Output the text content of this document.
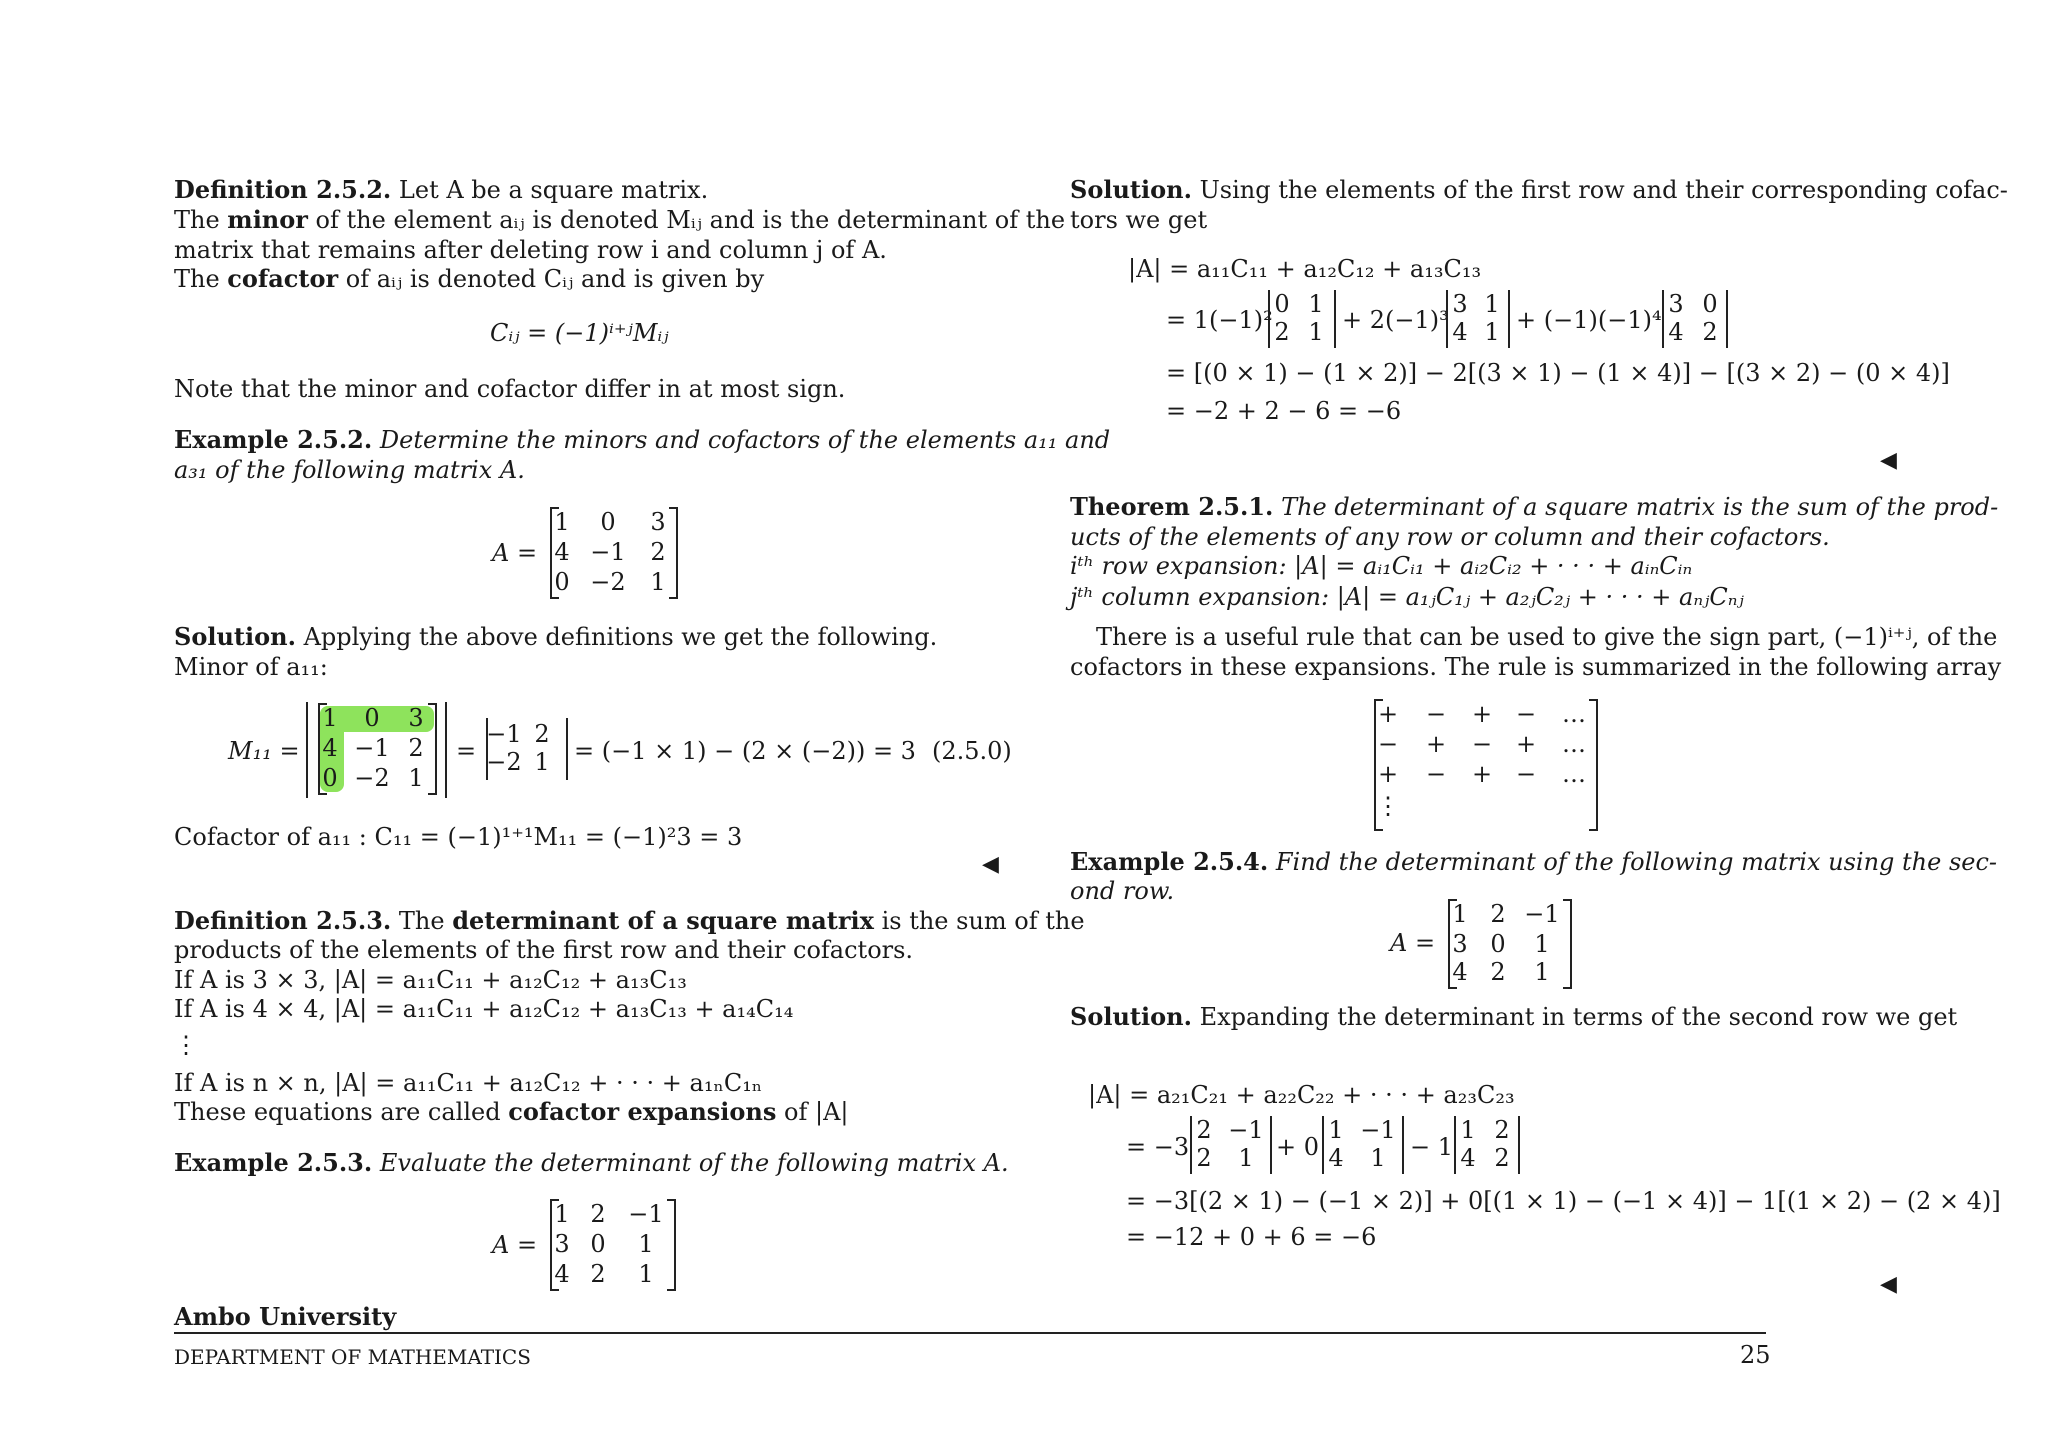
Definition 2.5.2. Let A be a square matrix.
The minor of the element aᵢⱼ is denoted Mᵢⱼ and is the determinant of the
matrix that remains after deleting row i and column j of A.
The cofactor of aᵢⱼ is denoted Cᵢⱼ and is given by
Cᵢⱼ = (−1)ⁱ⁺ʲMᵢⱼ
Note that the minor and cofactor differ in at most sign.
Example 2.5.2. Determine the minors and cofactors of the elements a₁₁ and
a₃₁ of the following matrix A.
A =
1	0	3
4 −1	2
0 −2	1
Solution. Applying the above definitions we get the following.
Minor of a₁₁:
M₁₁ =
1	0	3
4 −1 2
0 −2 1
=
−1 2
−2 1	= (−1 × 1) − (2 × (−2)) = 3 (2.5.0)
Cofactor of a₁₁ : C₁₁ = (−1)¹⁺¹M₁₁ = (−1)²3 = 3
◀
Definition 2.5.3. The determinant of a square matrix is the sum of the
products of the elements of the first row and their cofactors.
If A is 3 × 3, |A| = a₁₁C₁₁ + a₁₂C₁₂ + a₁₃C₁₃
If A is 4 × 4, |A| = a₁₁C₁₁ + a₁₂C₁₂ + a₁₃C₁₃ + a₁₄C₁₄
⋮
If A is n × n, |A| = a₁₁C₁₁ + a₁₂C₁₂ + · · · + a₁ₙC₁ₙ
These equations are called cofactor expansions of |A|
Example 2.5.3. Evaluate the determinant of the following matrix A.
A =
1 2 −1
3 0	1
4 2	1
Solution. Using the elements of the first row and their corresponding cofac-
tors we get
|A| = a₁₁C₁₁ + a₁₂C₁₂ + a₁₃C₁₃
= 1(−1)²
0 1
2 1 + 2(−1)³
3 1
4 1 + (−1)(−1)⁴
3 0
4 2
= [(0 × 1) − (1 × 2)] − 2[(3 × 1) − (1 × 4)] − [(3 × 2) − (0 × 4)]
= −2 + 2 − 6 = −6
◀
Theorem 2.5.1. The determinant of a square matrix is the sum of the prod-
ucts of the elements of any row or column and their cofactors.
iᵗʰ row expansion: |A| = aᵢ₁Cᵢ₁ + aᵢ₂Cᵢ₂ + · · · + aᵢₙCᵢₙ
jᵗʰ column expansion: |A| = a₁ⱼC₁ⱼ + a₂ⱼC₂ⱼ + · · · + aₙⱼCₙⱼ
There is a useful rule that can be used to give the sign part, (−1)ⁱ⁺ʲ, of the
cofactors in these expansions. The rule is summarized in the following array
+	−	+ −	…
−	+	− +	…
+	−	+ −	…
⋮
Example 2.5.4. Find the determinant of the following matrix using the sec-
ond row.
A =
1 2 −1
3 0	1
4 2	1
Solution. Expanding the determinant in terms of the second row we get
|A| = a₂₁C₂₁ + a₂₂C₂₂ + · · · + a₂₃C₂₃
= −3
2 −1
2	1 + 0
1 −1
4	1	− 1
1 2
4 2
= −3[(2 × 1) − (−1 × 2)] + 0[(1 × 1) − (−1 × 4)] − 1[(1 × 2) − (2 × 4)]
= −12 + 0 + 6 = −6
◀
Ambo University
DEPARTMENT OF MATHEMATICS	25
